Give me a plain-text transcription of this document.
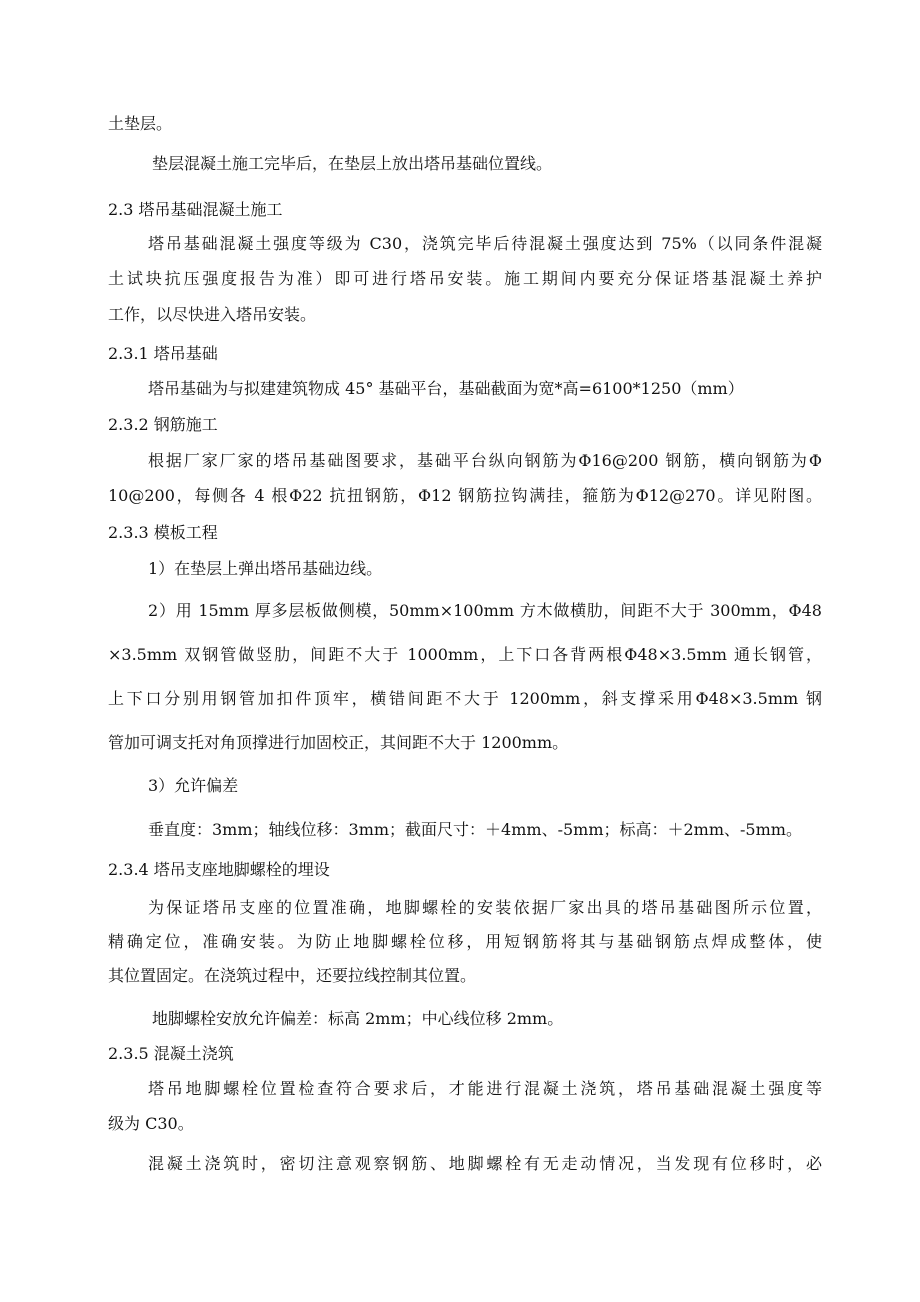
土垫层。
垫层混凝土施工完毕后，在垫层上放出塔吊基础位置线。
2.3 塔吊基础混凝土施工
塔吊基础混凝土强度等级为 C30，浇筑完毕后待混凝土强度达到 75%（以同条件混凝
土试块抗压强度报告为准）即可进行塔吊安装。施工期间内要充分保证塔基混凝土养护
工作，以尽快进入塔吊安装。
2.3.1 塔吊基础
塔吊基础为与拟建建筑物成 45° 基础平台，基础截面为宽*高=6100*1250（mm）
2.3.2 钢筋施工
根据厂家厂家的塔吊基础图要求，基础平台纵向钢筋为Φ16@200 钢筋，横向钢筋为Φ
10@200，每侧各 4 根Φ22 抗扭钢筋，Φ12 钢筋拉钩满挂，箍筋为Φ12@270。详见附图。
2.3.3 模板工程
1）在垫层上弹出塔吊基础边线。
2）用 15mm 厚多层板做侧模，50mm×100mm 方木做横肋，间距不大于 300mm，Φ48
×3.5mm 双钢管做竖肋，间距不大于 1000mm，上下口各背两根Φ48×3.5mm 通长钢管，
上下口分别用钢管加扣件顶牢，横错间距不大于 1200mm，斜支撑采用Φ48×3.5mm 钢
管加可调支托对角顶撑进行加固校正，其间距不大于 1200mm。
3）允许偏差
垂直度：3mm；轴线位移：3mm；截面尺寸：＋4mm、-5mm；标高：＋2mm、-5mm。
2.3.4 塔吊支座地脚螺栓的埋设
为保证塔吊支座的位置准确，地脚螺栓的安装依据厂家出具的塔吊基础图所示位置，
精确定位，准确安装。为防止地脚螺栓位移，用短钢筋将其与基础钢筋点焊成整体，使
其位置固定。在浇筑过程中，还要拉线控制其位置。
地脚螺栓安放允许偏差：标高 2mm；中心线位移 2mm。
2.3.5 混凝土浇筑
塔吊地脚螺栓位置检查符合要求后，才能进行混凝土浇筑，塔吊基础混凝土强度等
级为 C30。
混凝土浇筑时，密切注意观察钢筋、地脚螺栓有无走动情况，当发现有位移时，必
